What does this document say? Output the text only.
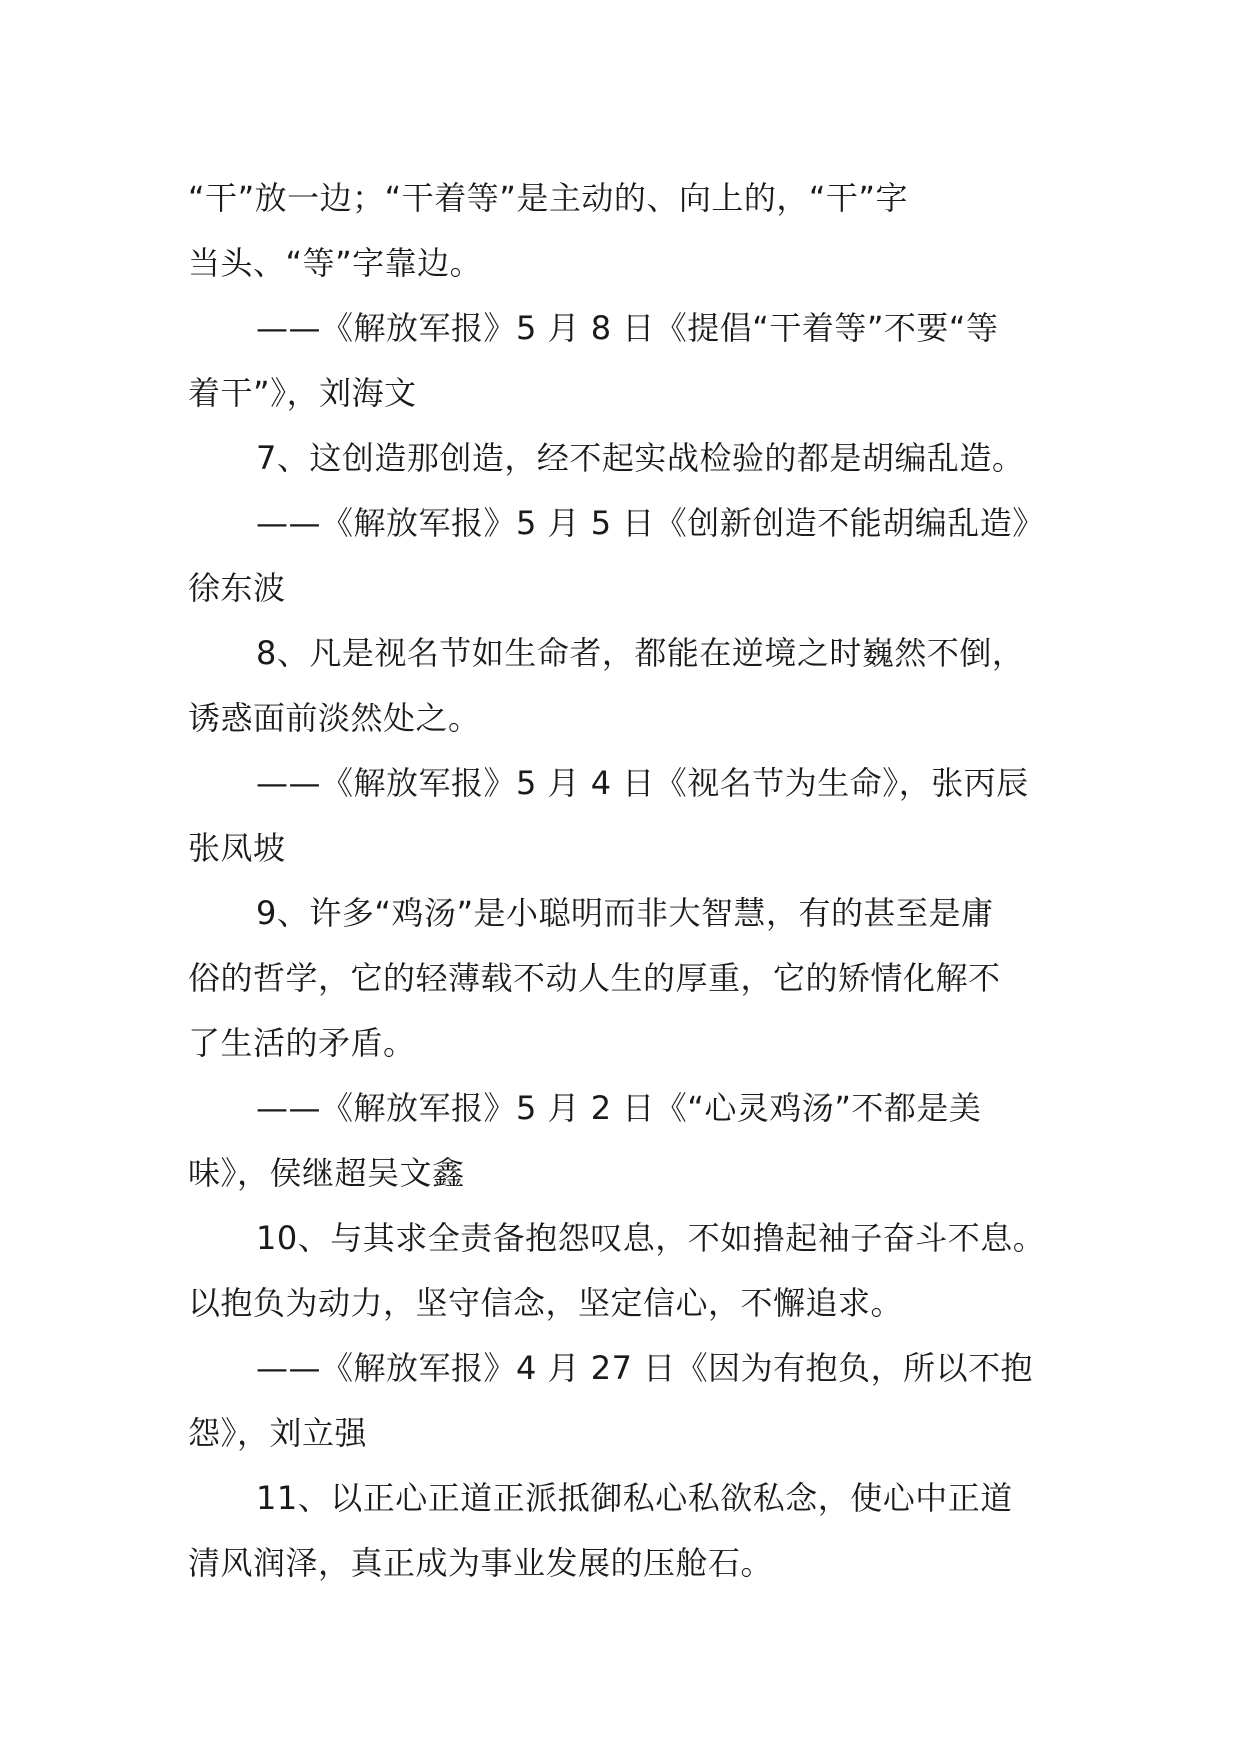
“干”放一边；“干着等”是主动的、向上的，“干”字
当头、“等”字靠边。
——《解放军报》5 月 8 日《提倡“干着等”不要“等
着干”》，刘海文
7、这创造那创造，经不起实战检验的都是胡编乱造。
——《解放军报》5 月 5 日《创新创造不能胡编乱造》
徐东波
8、凡是视名节如生命者，都能在逆境之时巍然不倒，
诱惑面前淡然处之。
——《解放军报》5 月 4 日《视名节为生命》，张丙辰
张凤坡
9、许多“鸡汤”是小聪明而非大智慧，有的甚至是庸
俗的哲学，它的轻薄载不动人生的厚重，它的矫情化解不
了生活的矛盾。
——《解放军报》5 月 2 日《“心灵鸡汤”不都是美
味》，侯继超吴文鑫
10、与其求全责备抱怨叹息，不如撸起袖子奋斗不息。
以抱负为动力，坚守信念，坚定信心，不懈追求。
——《解放军报》4 月 27 日《因为有抱负，所以不抱
怨》，刘立强
11、以正心正道正派抵御私心私欲私念，使心中正道
清风润泽，真正成为事业发展的压舱石。
